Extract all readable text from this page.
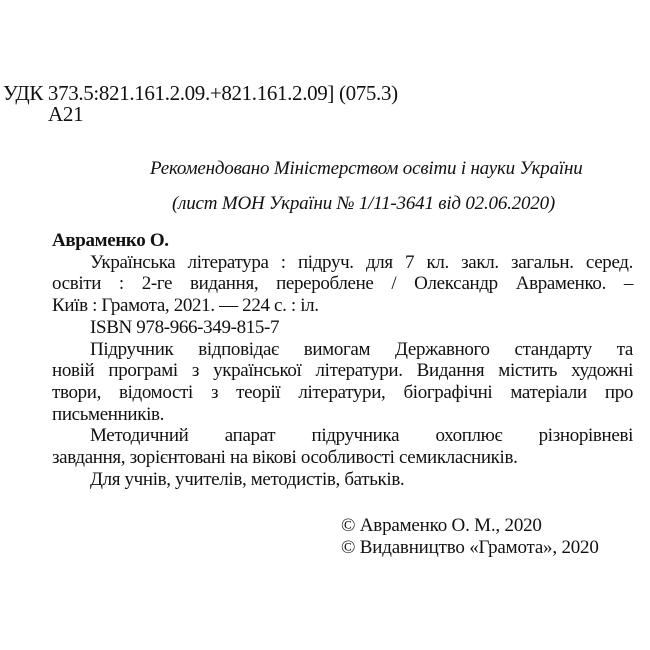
УДК 373.5:821.161.2.09.+821.161.2.09] (075.3)
А21
Рекомендовано Міністерством освіти і науки України
(лист МОН України № 1/11-3641 від 02.06.2020)
Авраменко О.
Українська література : підруч. для 7 кл. закл. загальн. серед.
освіти : 2-ге видання, перероблене / Олександр Авраменко. –
Київ : Грамота, 2021. — 224 с. : іл.
ISBN 978-966-349-815-7
Підручник відповідає вимогам Державного стандарту та
новій програмі з української літератури. Видання містить художні
твори, відомості з теорії літератури, біографічні матеріали про
письменників.
Методичний апарат підручника охоплює різнорівневі
завдання, зорієнтовані на вікові особливості семикласників.
Для учнів, учителів, методистів, батьків.
© Авраменко О. М., 2020
© Видавництво «Грамота», 2020
